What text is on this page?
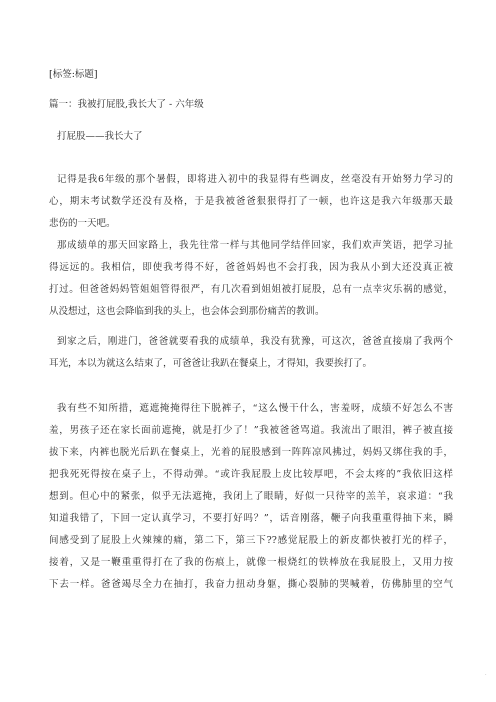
[标签:标题]
篇一：我被打屁股,我长大了 - 六年级
打屁股——我长大了
记得是我6年级的那个暑假，即将进入初中的我显得有些调皮，丝毫没有开始努力学习的
心，期末考试数学还没有及格，于是我被爸爸狠狠得打了一顿，也许这是我六年级那天最
悲伤的一天吧。
那成绩单的那天回家路上，我先往常一样与其他同学结伴回家，我们欢声笑语，把学习扯
得远远的。我相信，即使我考得不好，爸爸妈妈也不会打我，因为我从小到大还没真正被
打过。但爸爸妈妈管姐姐管得很严，有几次看到姐姐被打屁股，总有一点幸灾乐祸的感觉，
从没想过，这也会降临到我的头上，也会体会到那份痛苦的教训。
到家之后，刚进门，爸爸就要看我的成绩单，我没有犹豫，可这次，爸爸直接扇了我两个
耳光，本以为就这么结束了，可爸爸让我趴在餐桌上，才得知，我要挨打了。
我有些不知所措，遮遮掩掩得往下脱裤子，“这么慢干什么，害羞呀，成绩不好怎么不害
羞，男孩子还在家长面前遮掩，就是打少了！”我被爸爸骂道。我流出了眼泪，裤子被直接
拔下来，内裤也脱光后趴在餐桌上，光着的屁股感到一阵阵凉风拂过，妈妈又绑住我的手，
把我死死得按在桌子上，不得动弹。“或许我屁股上皮比较厚吧，不会太疼的”我依旧这样
想到。但心中的紧张，似乎无法遮掩，我闭上了眼睛，好似一只待宰的羔羊，哀求道：“我
知道我错了，下回一定认真学习，不要打好吗？”，话音刚落，鞭子向我重重得抽下来，瞬
间感受到了屁股上火辣辣的痛，第二下，第三下??感觉屁股上的新皮都快被打光的样子，
接着，又是一鞭重重得打在了我的伤痕上，就像一根烧红的铁棒放在我屁股上，又用力按
下去一样。爸爸竭尽全力在抽打，我奋力扭动身躯，撕心裂肺的哭喊着，仿佛肺里的空气
.
